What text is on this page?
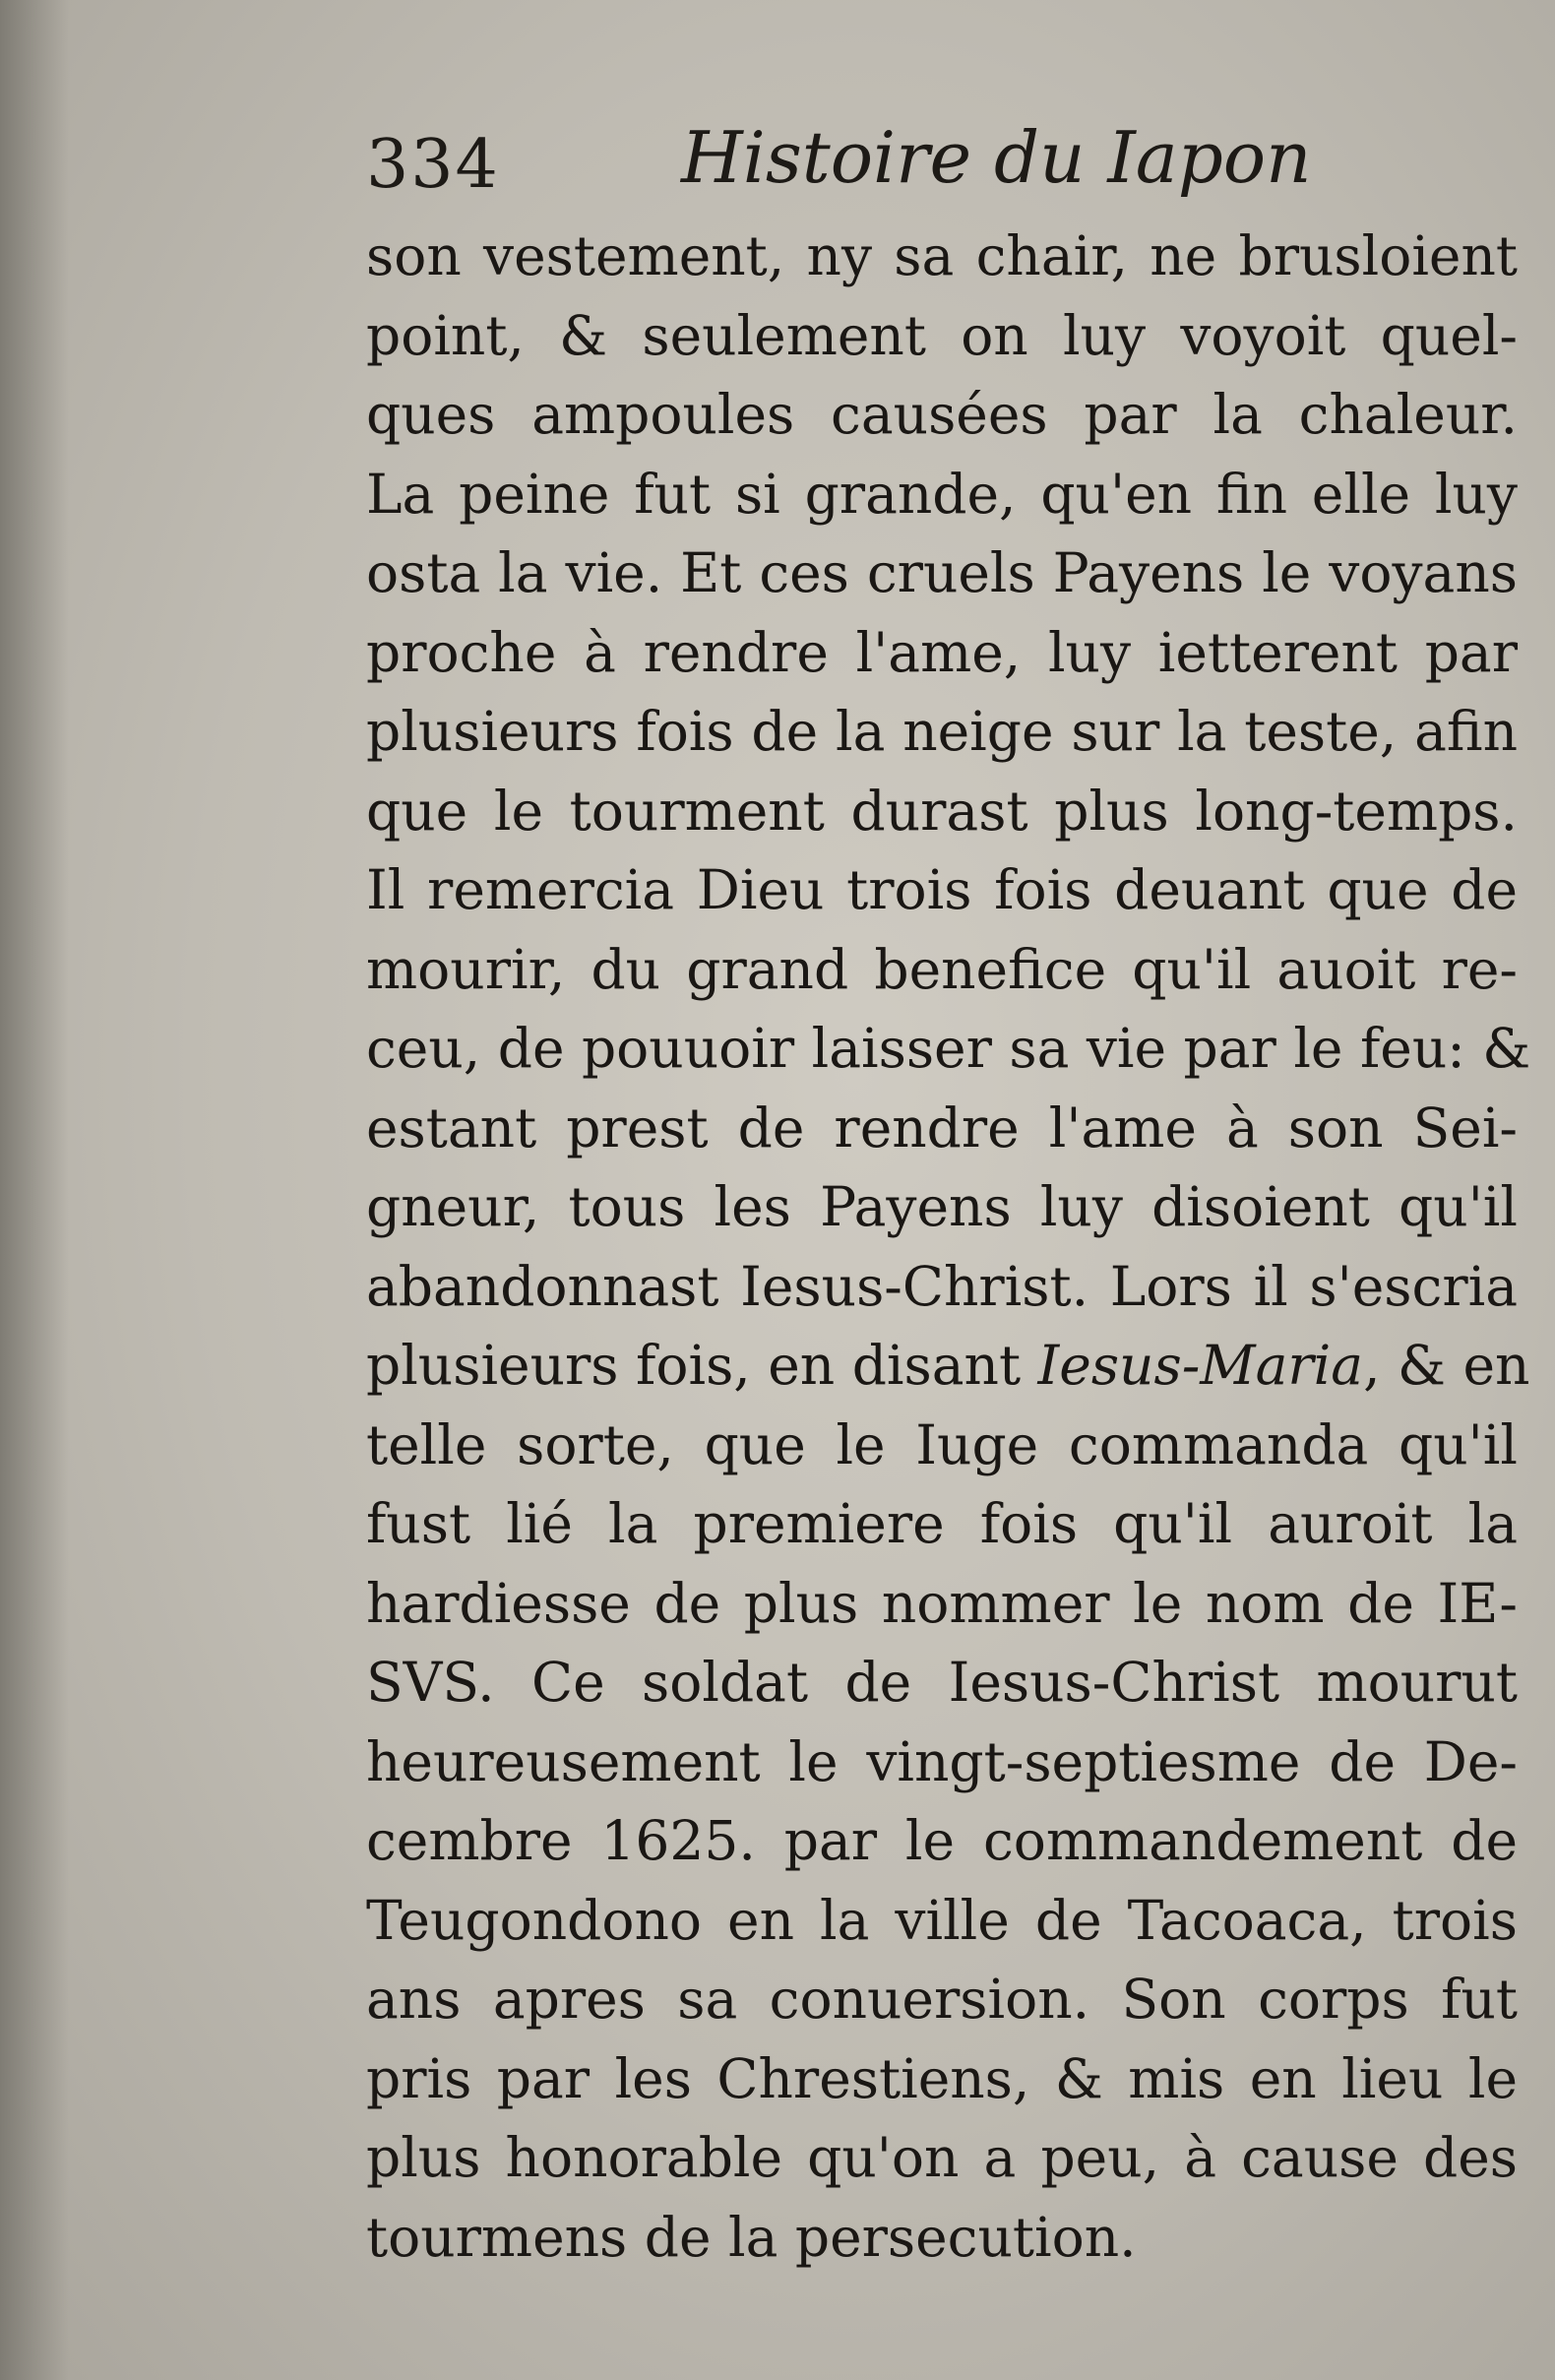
334	Histoire du Iapon
son vestement, ny sa chair, ne brusloient
point, & seulement on luy voyoit quel-
ques ampoules causées par la chaleur.
La peine fut si grande, qu'en fin elle luy
osta la vie. Et ces cruels Payens le voyans
proche à rendre l'ame, luy ietterent par
plusieurs fois de la neige sur la teste, afin
que le tourment durast plus long-temps.
Il remercia Dieu trois fois deuant que de
mourir, du grand benefice qu'il auoit re-
ceu, de pouuoir laisser sa vie par le feu: &
estant prest de rendre l'ame à son Sei-
gneur, tous les Payens luy disoient qu'il
abandonnast Iesus-Christ. Lors il s'escria
plusieurs fois, en disant Iesus-Maria, & en
telle sorte, que le Iuge commanda qu'il
fust lié la premiere fois qu'il auroit la
hardiesse de plus nommer le nom de IE-
SVS. Ce soldat de Iesus-Christ mourut
heureusement le vingt-septiesme de De-
cembre 1625. par le commandement de
Teugondono en la ville de Tacoaca, trois
ans apres sa conuersion. Son corps fut
pris par les Chrestiens, & mis en lieu le
plus honorable qu'on a peu, à cause des
tourmens de la persecution.
